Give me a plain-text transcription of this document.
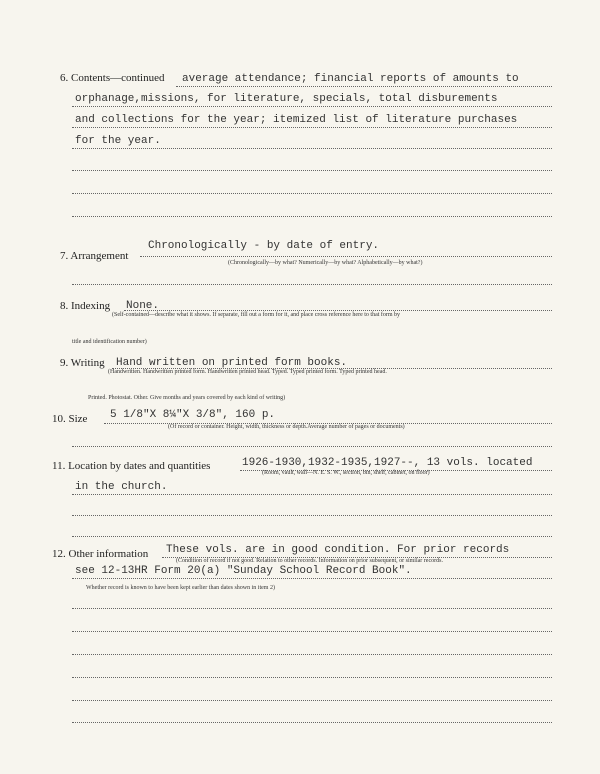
6. Contents—continued average attendance; financial reports of amounts to
orphanage,missions, for literature, specials, total disburements
and collections for the year; itemized list of literature purchases
for the year.
Chronologically - by date of entry.
7. Arrangement
(Chronologically—by what? Numerically—by what? Alphabetically—by what?)
8. Indexing None.
(Self-contained—describe what it shows. If separate, fill out a form for it, and place cross reference here to that form by
title and identification number)
9. Writing Hand written on printed form books.
(Handwritten. Handwritten printed form. Handwritten printed head. Typed. Typed printed form. Typed printed head.
Printed. Photostat. Other. Give months and years covered by each kind of writing)
10. Size 5 1/8"X 8¼"X 3/8", 160 p.
(Of record or container. Height, width, thickness or depth.Average number of pages or documents)
11. Location by dates and quantities	1926-1930,1932-1935,1927--, 13 vols. located
(Room, vault, wall—N. E. S. W., section, bin, shelf, cabinet, on floor)
in the church.
12. Other information These vols. are in good condition. For prior records
(Condition of record if not good. Relation to other records. Information on prior subsequent, or similar records.
see 12-13HR Form 20(a) "Sunday School Record Book".
Whether record is known to have been kept earlier than dates shown in item 2)
